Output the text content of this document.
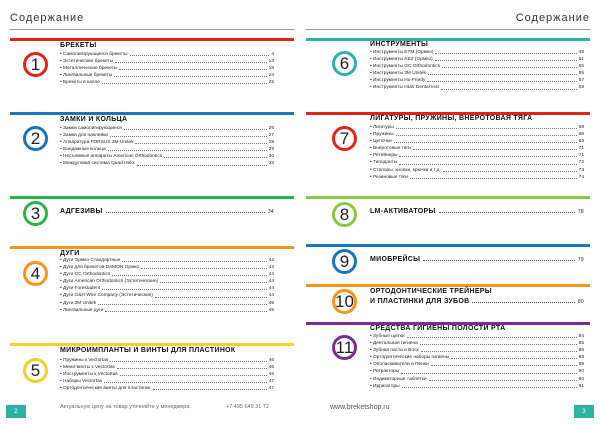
Содержание
1
БРЕКЕТЫ
• Самолигирующиеся брекеты	4
• Эстетические брекеты	13
• Металлические брекеты	18
• Лингвальные брекеты	24
• Брекеты в капле	25
2
ЗАМКИ И КОЛЬЦА
• Замки самолигирующиеся	26
• Замки для наклейки	27
• Аппаратура FORSUS 3M Unitek	28
• Бандажные кольца	29
• Несъемные аппараты American Orthodontics	30
• Междуговая система Quad Helix	33
3	АДГЕЗИВЫ	34
4
ДУГИ
• Дуги Ормко Стандартные	42
• Дуги для брекетов DAMON Ормко	43
• Дуги GC Orthodontics	44
• Дуги American Orthodontics (Эстетические)	44
• Дуги Forestadent	44
• Дуги G&H Wire Company (Эстетические)	44
• Дуги 3M Unitek	45
• Лингвальные дуги	45
5
МИКРОИМПЛАНТЫ И ВИНТЫ ДЛЯ ПЛАСТИНОК
• Пружины к Vectortas	46
• Мини-винты к Vectortas	46
• Инструменты к Vectortas	46
• Наборы Vectortas	47
• Ортодонтические винты для пластинок	47
2
Актуальную цену на товар уточняйте у менеджера	+7 495 649 31 72
Содержание
6
ИНСТРУМЕНТЫ
• Инструменты ETM (Ормко)	48
• Инструменты AEZ (Ормко)	51
• Инструменты GC Orthodontics	55
• Инструменты 3M Unitek	55
• Инструменты Hu-Friedy	57
• Инструменты HLW Dental Inst	59
7
ЛИГАТУРЫ, ПРУЖИНЫ, ВНЕРОТОВАЯ ТЯГА
• Лигатуры	68
• Пружины	68
• Цепочки	69
• Внеротовые тяги	71
• Ретейнеры	71
• Типодонты	72
• Стопоры, кнопки, крючки и т.д.	73
• Резиновые тяги	74
8	LM-АКТИВАТОРЫ	78
9	МИОБРЕЙСЫ	79
10	ОРТОДОНТИЧЕСКИЕ ТРЕЙНЕРЫ
И ПЛАСТИНКИ ДЛЯ ЗУБОВ	80
11
СРЕДСТВА ГИГИЕНЫ ПОЛОСТИ РТА
• Зубные щетки	84
• Дентальная гигиена	85
• Зубная паста и Воск	86
• Ортодонтические наборы гигиены	88
• Ополаскиватели и Пенки	89
• Ретракторы	90
• Индикаторные таблетки	90
• Ирригаторы	91
www.breketshop.ru
3
